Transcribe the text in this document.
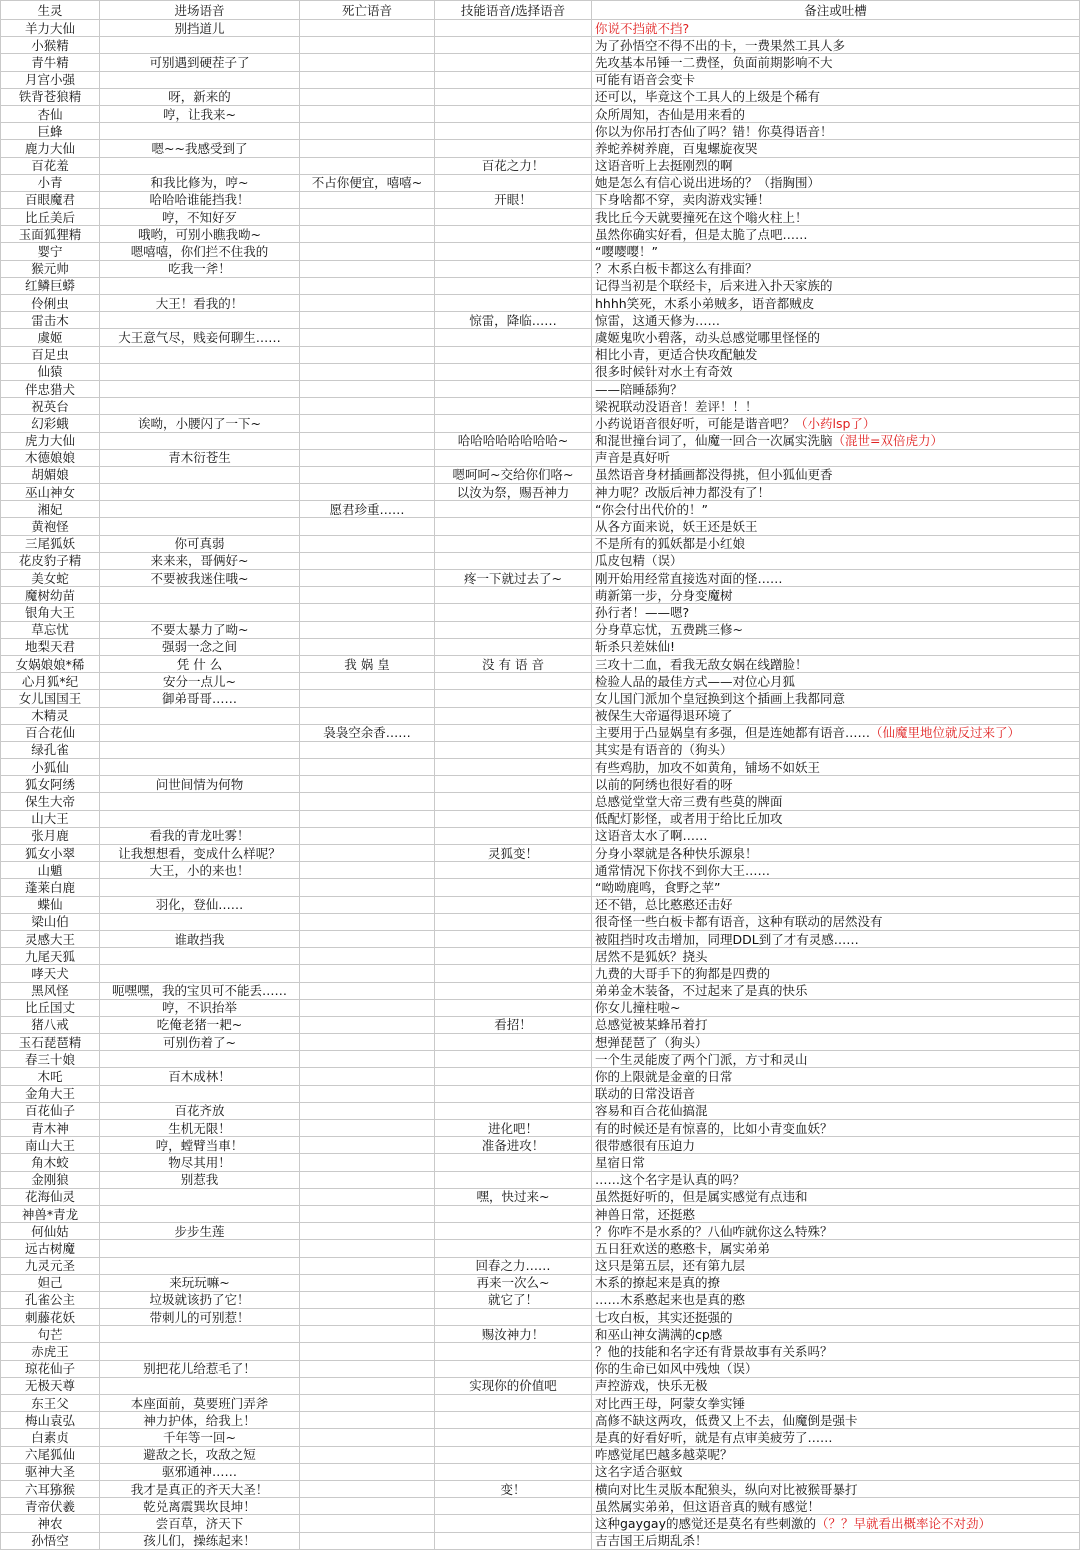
生灵	进场语音	死亡语音	技能语音/选择语音	备注或吐槽
羊力大仙	别挡道儿			你说不挡就不挡?
小猴精				为了孙悟空不得不出的卡，一费果然工具人多
青牛精	可别遇到硬茬子了			先攻基本吊锤一二费怪，负面前期影响不大
月宫小强				可能有语音会变卡
铁背苍狼精	呀，新来的			还可以，毕竟这个工具人的上级是个稀有
杏仙	哼，让我来~			众所周知，杏仙是用来看的
巨蜂				你以为你吊打杏仙了吗？错！你莫得语音！
鹿力大仙	嗯~~我感受到了			养蛇养树养鹿，百鬼螺旋夜哭
百花羞			百花之力！	这语音听上去挺刚烈的啊
小青	和我比修为，哼~	不占你便宜，嘻嘻~		她是怎么有信心说出进场的？（指胸围）
百眼魔君	哈哈哈谁能挡我！		开眼！	下身啥都不穿，卖肉游戏实锤！
比丘美后	哼，不知好歹			我比丘今天就要撞死在这个嗡火柱上！
玉面狐狸精	哦哟，可别小瞧我呦~			虽然你确实好看，但是太脆了点吧……
婴宁	嗯嘻嘻，你们拦不住我的			“嘤嘤嘤！”
猴元帅	吃我一斧！			？木系白板卡都这么有排面？
红鳞巨蟒				记得当初是个联经卡，后来进入扑天家族的
伶俐虫	大王！看我的！			hhhh笑死，木系小弟贼多，语音都贼皮
雷击木			惊雷，降临……	惊雷，这通天修为……
虞姬	大王意气尽，贱妾何聊生……			虞姬鬼吹小碧落，动头总感觉哪里怪怪的
百足虫				相比小青，更适合快攻配触发
仙猿				很多时候针对水土有奇效
伴忠猎犬				——陪睡舔狗？
祝英台				梁祝联动没语音！差评！！！
幻彩蛾	诶呦，小腰闪了一下~			小药说语音很好听，可能是谐音吧？（小药lsp了）
虎力大仙			哈哈哈哈哈哈哈哈~	和混世撞台词了，仙魔一回合一次属实洗脑（混世=双倍虎力）
木德娘娘	青木衍苍生			声音是真好听
胡媚娘			嗯呵呵~交给你们咯~	虽然语音身材插画都没得挑，但小狐仙更香
巫山神女			以汝为祭，赐吾神力	神力呢？改版后神力都没有了！
湘妃		愿君珍重……		“你会付出代价的！”
黄袍怪				从各方面来说，妖王还是妖王
三尾狐妖	你可真弱			不是所有的狐妖都是小红娘
花皮豹子精	来来来，哥俩好~			瓜皮包精（误）
美女蛇	不要被我迷住哦~		疼一下就过去了~	刚开始用经常直接选对面的怪……
魔树幼苗				萌新第一步，分身变魔树
银角大王				孙行者！——嗯?
草忘忧	不要太暴力了呦~			分身草忘忧，五费跳三修~
地梨天君	强弱一念之间			斩杀只差妹仙!
女娲娘娘*稀	凭 什 么	我 娲 皇	没 有 语 音	三攻十二血，看我无敌女娲在线蹭脸！
心月狐*纪	安分一点儿~			检验人品的最佳方式——对位心月狐
女儿国国王	御弟哥哥……			女儿国门派加个皇冠换到这个插画上我都同意
木精灵				被保生大帝逼得退环境了
百合花仙		袅袅空余香……		主要用于凸显娲皇有多强，但是连她都有语音……（仙魔里地位就反过来了）
绿孔雀				其实是有语音的（狗头）
小狐仙				有些鸡肋，加攻不如黄角，铺场不如妖王
狐女阿绣	问世间情为何物			以前的阿绣也很好看的呀
保生大帝				总感觉堂堂大帝三费有些莫的牌面
山大王				低配灯影怪，或者用于给比丘加攻
张月鹿	看我的青龙吐雾！			这语音太水了啊……
狐女小翠	让我想想看，变成什么样呢？		灵狐变！	分身小翠就是各种快乐源泉！
山魈	大王，小的来也！			通常情况下你找不到你大王……
蓬莱白鹿				“呦呦鹿鸣，食野之苹”
蝶仙	羽化，登仙……			还不错，总比憨憨还击好
梁山伯				很奇怪一些白板卡都有语音，这种有联动的居然没有
灵感大王	谁敢挡我			被阻挡时攻击增加，同理DDL到了才有灵感……
九尾天狐				居然不是狐妖？挠头
哮天犬				九费的大哥手下的狗都是四费的
黑风怪	呃嘿嘿，我的宝贝可不能丢……			弟弟金木装备，不过起来了是真的快乐
比丘国丈	哼，不识抬举			你女儿撞柱啦~
猪八戒	吃俺老猪一耙~		看招！	总感觉被某蜂吊着打
玉石琵琶精	可别伤着了~			想弹琵琶了（狗头）
春三十娘				一个生灵能废了两个门派，方寸和灵山
木吒	百木成林！			你的上限就是金童的日常
金角大王				联动的日常没语音
百花仙子	百花齐放			容易和百合花仙搞混
青木神	生机无限！		进化吧！	有的时候还是有惊喜的，比如小青变血妖？
南山大王	哼，螳臂当車！		准备进攻！	很带感很有压迫力
角木蛟	物尽其用！			星宿日常
金刚狼	别惹我			……这个名字是认真的吗？
花海仙灵			嘿，快过来~	虽然挺好听的，但是属实感觉有点违和
神兽*青龙				神兽日常，还挺憨
何仙姑	步步生莲			？你咋不是水系的？八仙咋就你这么特殊？
远古树魔				五日狂欢送的憨憨卡，属实弟弟
九灵元圣			回春之力……	这只是第五层，还有第九层
妲己	来玩玩嘛~		再来一次么~	木系的撩起来是真的撩
孔雀公主	垃圾就该扔了它！		就它了！	……木系憨起来也是真的憨
刺藤花妖	带刺儿的可别惹！			七攻白板，其实还挺强的
句芒			赐汝神力！	和巫山神女满满的cp感
赤虎王				？他的技能和名字还有背景故事有关系吗？
琼花仙子	别把花儿给惹毛了！			你的生命已如风中残烛（误）
无极天尊			实现你的价值吧	声控游戏，快乐无极
东王父	本座面前，莫要班门弄斧			对比西王母，阿蒙女拳实锤
梅山袁弘	神力护体，给我上！			高修不缺这两攻，低费又上不去，仙魔倒是强卡
白素贞	千年等一回~			是真的好看好听，就是有点审美疲劳了……
六尾狐仙	避敌之长，攻敌之短			咋感觉尾巴越多越菜呢？
驱神大圣	驱邪通神……			这名字适合驱蚊
六耳猕猴	我才是真正的齐天大圣！		变！	横向对比生灵版本配狼头，纵向对比被猴哥暴打
青帝伏羲	乾兑离震巽坎艮坤！			虽然属实弟弟，但这语音真的贼有感觉！
神农	尝百草，济天下			这种gaygay的感觉还是莫名有些刺激的（？？早就看出概率论不对劲）
孙悟空	孩儿们，操练起来！			吉吉国王后期乱杀！
